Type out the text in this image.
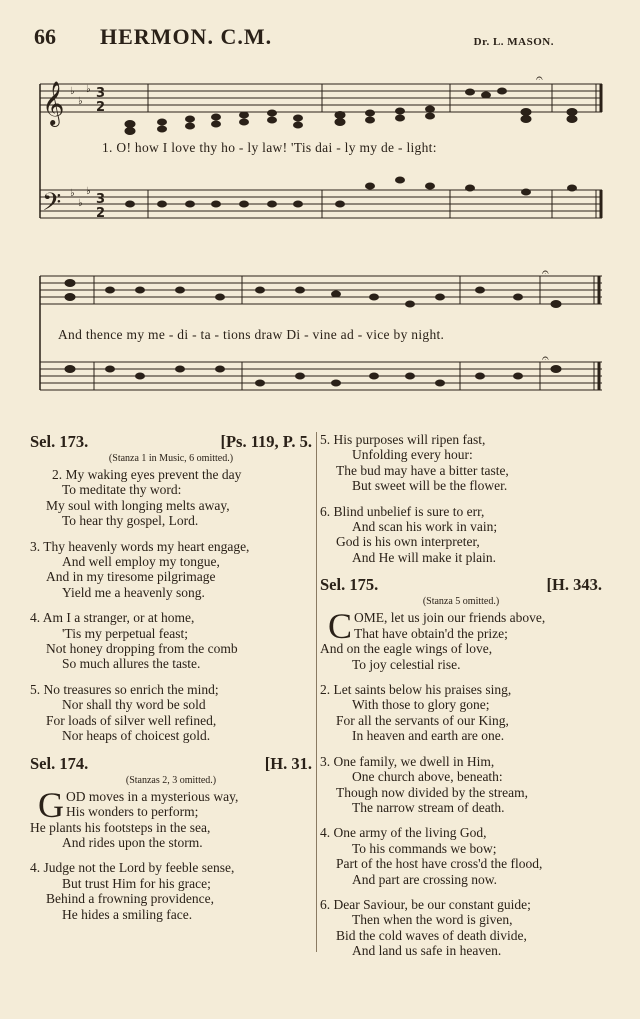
66 HERMON. C.M.	Dr. L. MASON.
𝄞
𝄢
♭
♭
♭
♭
♭
♭
3
2
3
2
𝄐
𝄐
𝄐
1. O! how I love thy ho - ly law! 'Tis dai - ly my de - light:
And thence my me - di - ta - tions draw Di - vine ad - vice by night.
Sel. 173.	[Ps. 119, P. 5.
(Stanza 1 in Music, 6 omitted.)
2. My waking eyes prevent the day
To meditate thy word:
My soul with longing melts away,
To hear thy gospel, Lord.
3. Thy heavenly words my heart engage,
And well employ my tongue,
And in my tiresome pilgrimage
Yield me a heavenly song.
4. Am I a stranger, or at home,
'Tis my perpetual feast;
Not honey dropping from the comb
So much allures the taste.
5. No treasures so enrich the mind;
Nor shall thy word be sold
For loads of silver well refined,
Nor heaps of choicest gold.
Sel. 174.	[H. 31.
(Stanzas 2, 3 omitted.)
G OD moves in a mysterious way,
His wonders to perform;
He plants his footsteps in the sea,
And rides upon the storm.
4. Judge not the Lord by feeble sense,
But trust Him for his grace;
Behind a frowning providence,
He hides a smiling face.
5. His purposes will ripen fast,
Unfolding every hour:
The bud may have a bitter taste,
But sweet will be the flower.
6. Blind unbelief is sure to err,
And scan his work in vain;
God is his own interpreter,
And He will make it plain.
Sel. 175.	[H. 343.
(Stanza 5 omitted.)
C OME, let us join our friends above,
That have obtain'd the prize;
And on the eagle wings of love,
To joy celestial rise.
2. Let saints below his praises sing,
With those to glory gone;
For all the servants of our King,
In heaven and earth are one.
3. One family, we dwell in Him,
One church above, beneath:
Though now divided by the stream,
The narrow stream of death.
4. One army of the living God,
To his commands we bow;
Part of the host have cross'd the flood,
And part are crossing now.
6. Dear Saviour, be our constant guide;
Then when the word is given,
Bid the cold waves of death divide,
And land us safe in heaven.
